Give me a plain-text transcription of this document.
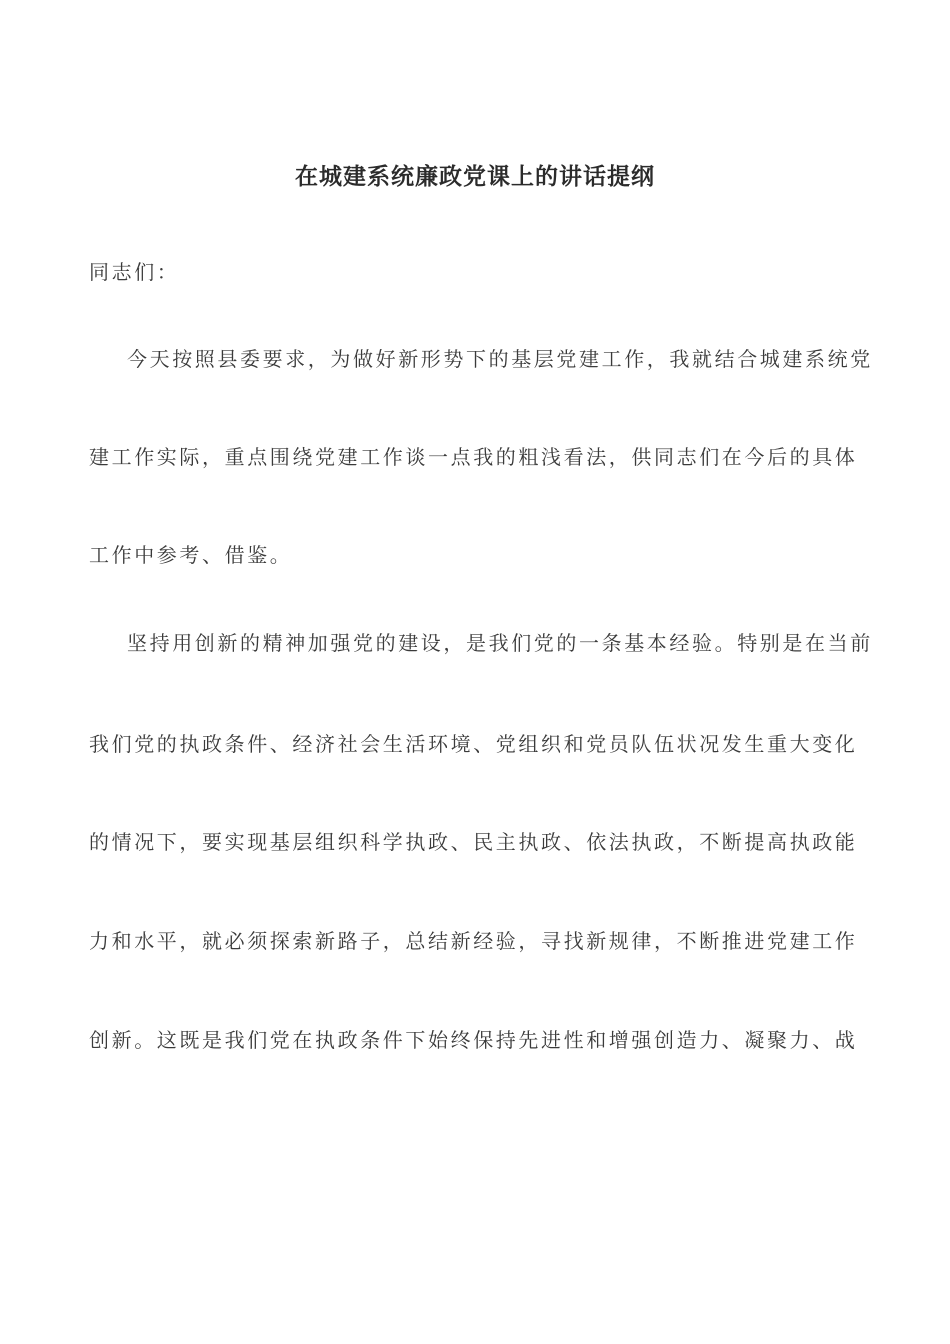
在城建系统廉政党课上的讲话提纲

同志们：

今天按照县委要求，为做好新形势下的基层党建工作，我就结合城建系统党

建工作实际，重点围绕党建工作谈一点我的粗浅看法，供同志们在今后的具体

工作中参考、借鉴。

坚持用创新的精神加强党的建设，是我们党的一条基本经验。特别是在当前

我们党的执政条件、经济社会生活环境、党组织和党员队伍状况发生重大变化

的情况下，要实现基层组织科学执政、民主执政、依法执政，不断提高执政能

力和水平，就必须探索新路子，总结新经验，寻找新规律，不断推进党建工作

创新。这既是我们党在执政条件下始终保持先进性和增强创造力、凝聚力、战
